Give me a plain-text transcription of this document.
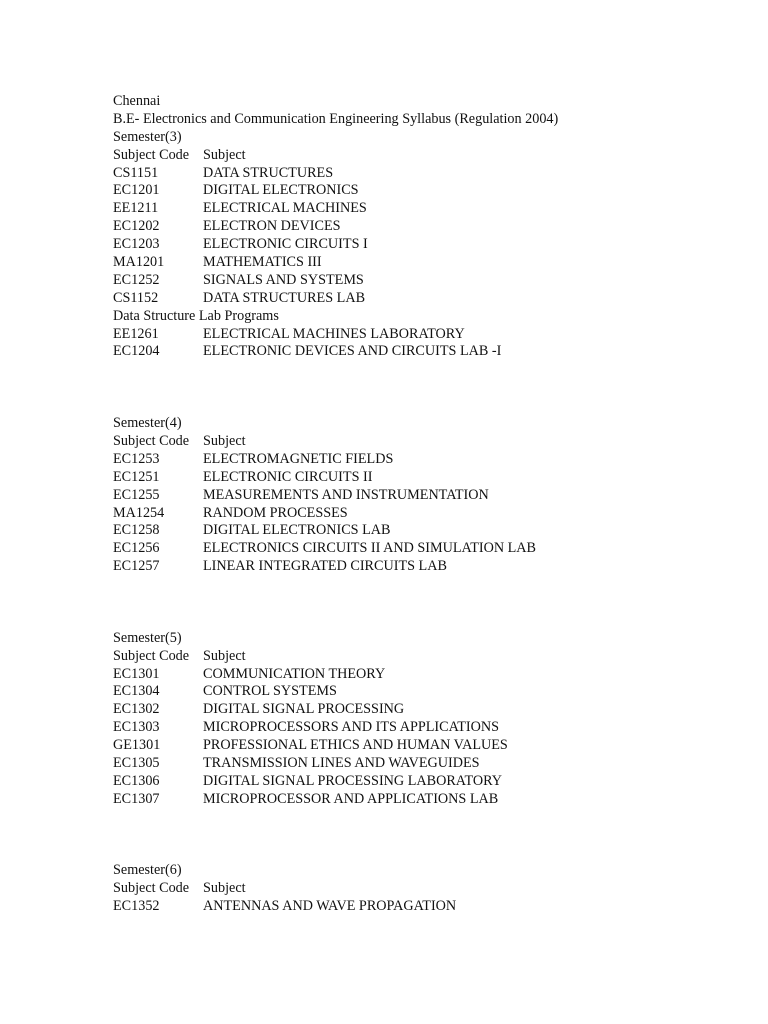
Chennai
B.E- Electronics and Communication Engineering Syllabus (Regulation 2004)
Semester(3)
Subject Code Subject
CS1151	DATA STRUCTURES
EC1201	DIGITAL ELECTRONICS
EE1211	ELECTRICAL MACHINES
EC1202	ELECTRON DEVICES
EC1203	ELECTRONIC CIRCUITS I
MA1201	MATHEMATICS III
EC1252	SIGNALS AND SYSTEMS
CS1152	DATA STRUCTURES LAB
Data Structure Lab Programs
EE1261	ELECTRICAL MACHINES LABORATORY
EC1204	ELECTRONIC DEVICES AND CIRCUITS LAB -I
Semester(4)
Subject Code Subject
EC1253	ELECTROMAGNETIC FIELDS
EC1251	ELECTRONIC CIRCUITS II
EC1255	MEASUREMENTS AND INSTRUMENTATION
MA1254	RANDOM PROCESSES
EC1258	DIGITAL ELECTRONICS LAB
EC1256	ELECTRONICS CIRCUITS II AND SIMULATION LAB
EC1257	LINEAR INTEGRATED CIRCUITS LAB
Semester(5)
Subject Code Subject
EC1301	COMMUNICATION THEORY
EC1304	CONTROL SYSTEMS
EC1302	DIGITAL SIGNAL PROCESSING
EC1303	MICROPROCESSORS AND ITS APPLICATIONS
GE1301	PROFESSIONAL ETHICS AND HUMAN VALUES
EC1305	TRANSMISSION LINES AND WAVEGUIDES
EC1306	DIGITAL SIGNAL PROCESSING LABORATORY
EC1307	MICROPROCESSOR AND APPLICATIONS LAB
Semester(6)
Subject Code Subject
EC1352	ANTENNAS AND WAVE PROPAGATION
